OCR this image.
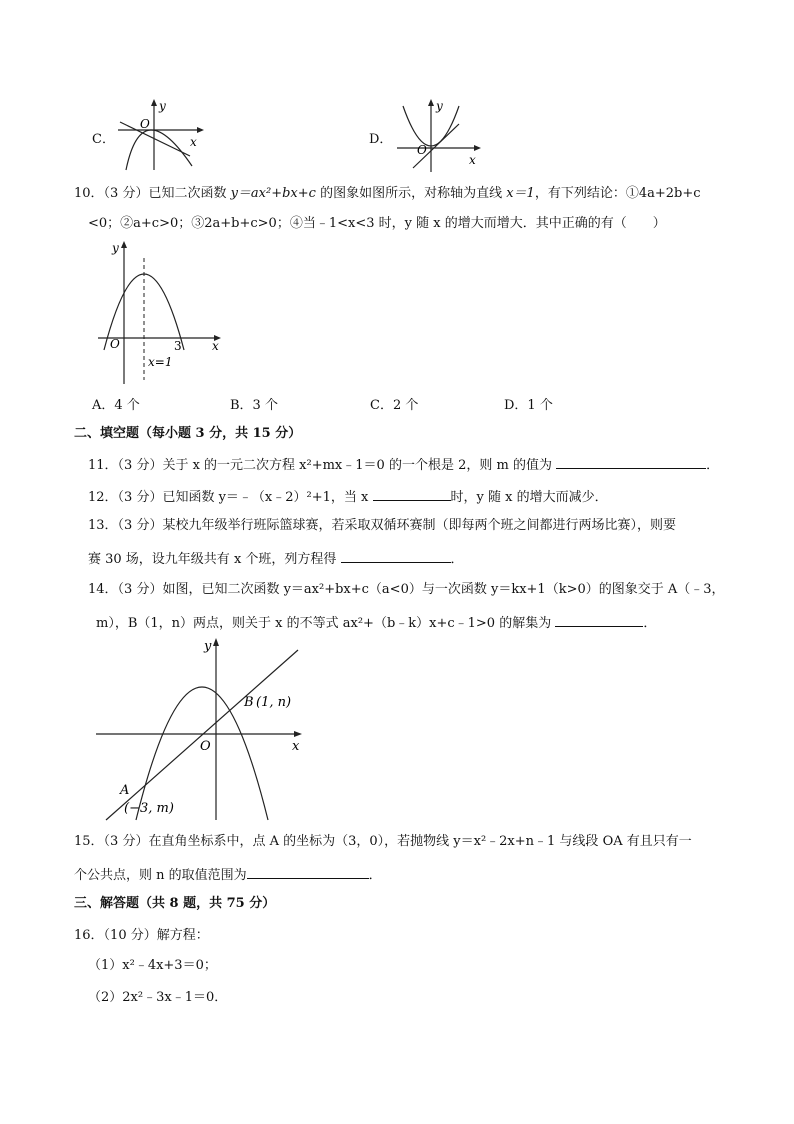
C．
y
x
O
D．
y
x
O
10．（3 分）已知二次函数 y＝ax²+bx+c 的图象如图所示，对称轴为直线 x＝1，有下列结论：①4a+2b+c
<0；②a+c>0；③2a+b+c>0；④当﹣1<x<3 时，y 随 x 的增大而增大．其中正确的有（　　）
y
x
O	3
x=1
A．4 个	B．3 个	C．2 个	D．1 个
二、填空题（每小题 3 分，共 15 分）
11．（3 分）关于 x 的一元二次方程 x²+mx﹣1＝0 的一个根是 2，则 m 的值为	．
12．（3 分）已知函数 y＝﹣（x﹣2）²+1，当 x	时，y 随 x 的增大而减少．
13．（3 分）某校九年级举行班际篮球赛，若采取双循环赛制（即每两个班之间都进行两场比赛），则要
赛 30 场，设九年级共有 x 个班，列方程得	．
14．（3 分）如图，已知二次函数 y＝ax²+bx+c（a<0）与一次函数 y＝kx+1（k>0）的图象交于 A（﹣3，
m），B（1，n）两点，则关于 x 的不等式 ax²+（b﹣k）x+c﹣1>0 的解集为	．
y
x
O
B (1, n)
A
(−3, m)
15．（3 分）在直角坐标系中，点 A 的坐标为（3，0），若抛物线 y＝x²﹣2x+n﹣1 与线段 OA 有且只有一
个公共点，则 n 的取值范围为	．
三、解答题（共 8 题，共 75 分）
16．（10 分）解方程：
（1）x²﹣4x+3＝0；
（2）2x²﹣3x﹣1＝0．
